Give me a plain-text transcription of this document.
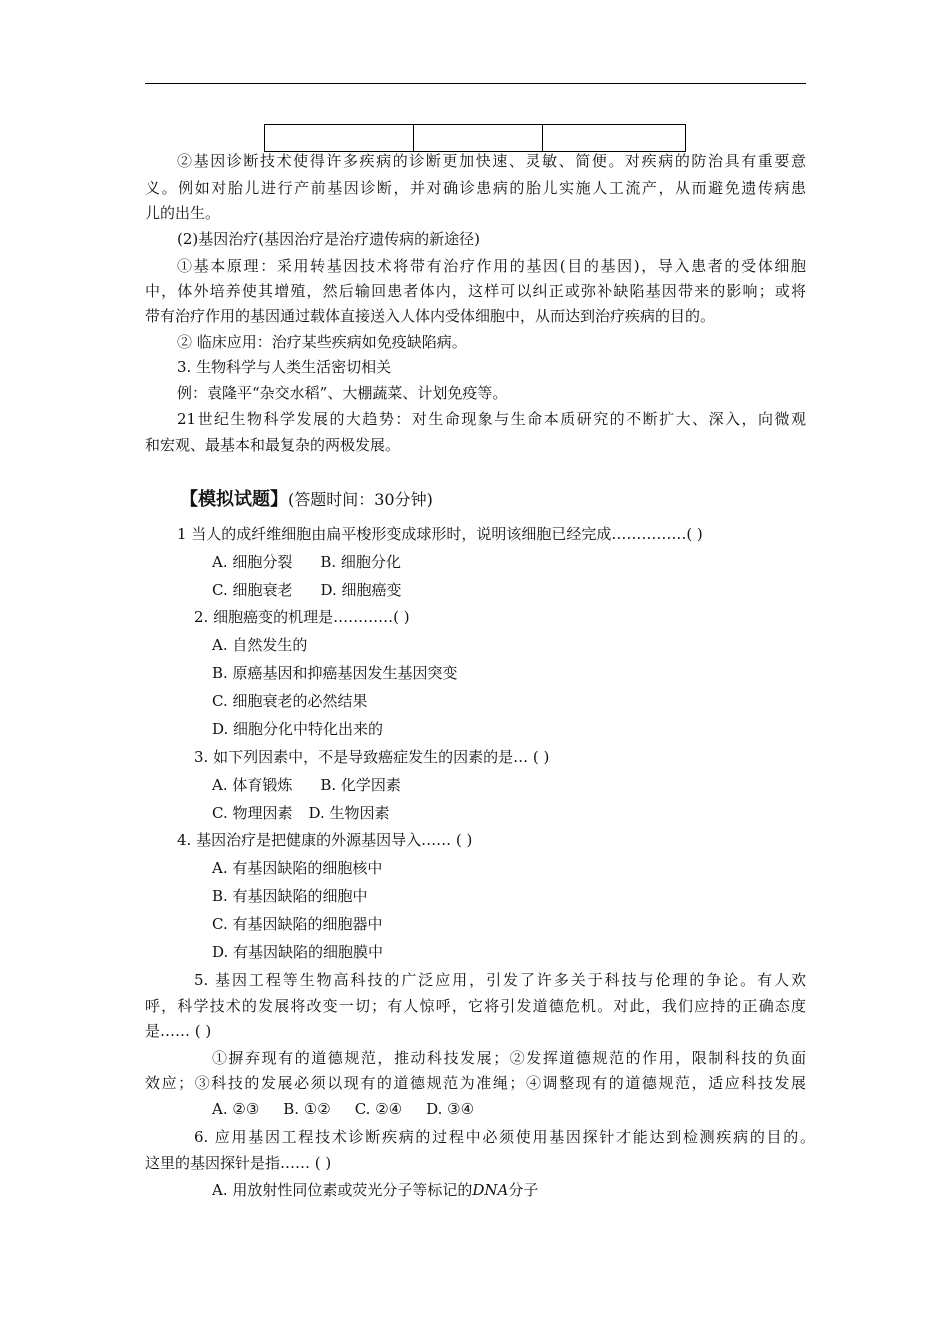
②基因诊断技术使得许多疾病的诊断更加快速、灵敏、简便。对疾病的防治具有重要意
义。例如对胎儿进行产前基因诊断，并对确诊患病的胎儿实施人工流产，从而避免遗传病患
儿的出生。
(2)基因治疗(基因治疗是治疗遗传病的新途径)
①基本原理：采用转基因技术将带有治疗作用的基因(目的基因)，导入患者的受体细胞
中，体外培养使其增殖，然后输回患者体内，这样可以纠正或弥补缺陷基因带来的影响；或将
带有治疗作用的基因通过载体直接送入人体内受体细胞中，从而达到治疗疾病的目的。
② 临床应用：治疗某些疾病如免疫缺陷病。
3. 生物科学与人类生活密切相关
例：袁隆平“杂交水稻”、大棚蔬菜、计划免疫等。
21世纪生物科学发展的大趋势：对生命现象与生命本质研究的不断扩大、深入，向微观
和宏观、最基本和最复杂的两极发展。
【模拟试题】(答题时间：30分钟)
1 当人的成纤维细胞由扁平梭形变成球形时，说明该细胞已经完成……………( )
A. 细胞分裂 B. 细胞分化
C. 细胞衰老 D. 细胞癌变
2. 细胞癌变的机理是…………( )
A. 自然发生的
B. 原癌基因和抑癌基因发生基因突变
C. 细胞衰老的必然结果
D. 细胞分化中特化出来的
3. 如下列因素中，不是导致癌症发生的因素的是… ( )
A. 体育锻炼 B. 化学因素
C. 物理因素 D. 生物因素
4. 基因治疗是把健康的外源基因导入…… ( )
A. 有基因缺陷的细胞核中
B. 有基因缺陷的细胞中
C. 有基因缺陷的细胞器中
D. 有基因缺陷的细胞膜中
5. 基因工程等生物高科技的广泛应用，引发了许多关于科技与伦理的争论。有人欢
呼，科学技术的发展将改变一切；有人惊呼，它将引发道德危机。对此，我们应持的正确态度
是…… ( )
①摒弃现有的道德规范，推动科技发展；②发挥道德规范的作用，限制科技的负面
效应；③科技的发展必须以现有的道德规范为准绳；④调整现有的道德规范，适应科技发展
A. ②③ B. ①② C. ②④ D. ③④
6. 应用基因工程技术诊断疾病的过程中必须使用基因探针才能达到检测疾病的目的。
这里的基因探针是指…… ( )
A. 用放射性同位素或荧光分子等标记的DNA分子
